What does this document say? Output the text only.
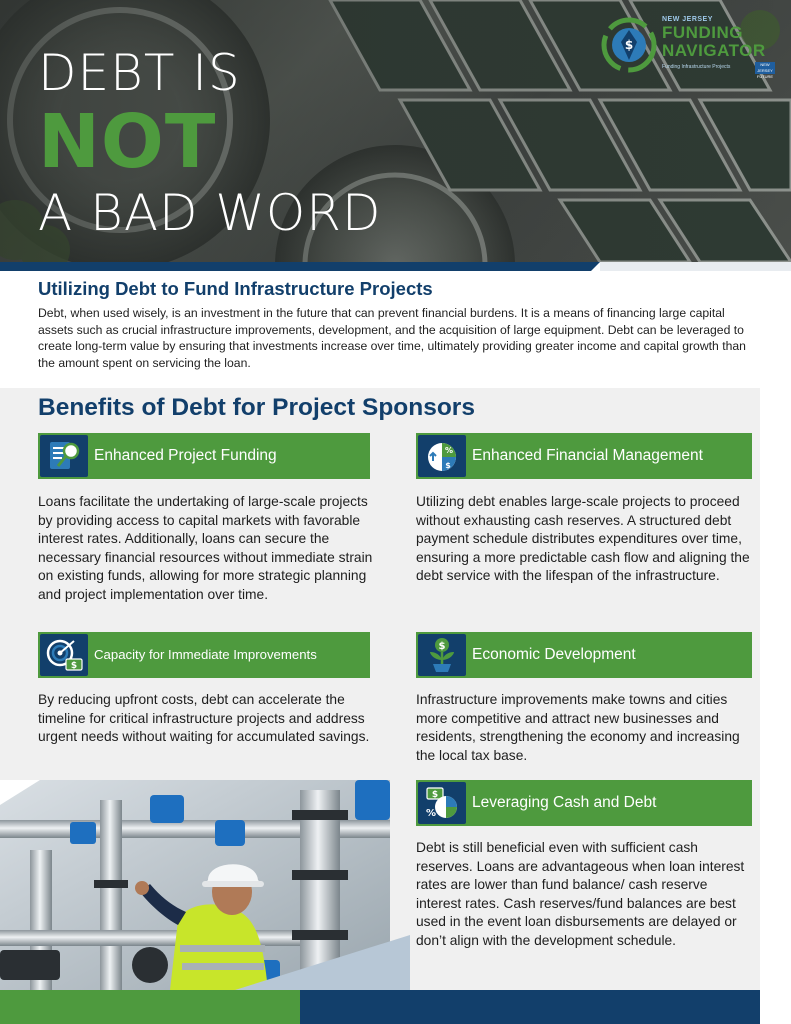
DEBT IS
NOT
A BAD WORD
$
NEW JERSEY
FUNDING
NAVIGATOR
Funding Infrastructure Projects	NEW JERSEY FUTURE
Utilizing Debt to Fund Infrastructure Projects

Debt, when used wisely, is an investment in the future that can prevent financial burdens. It is a means of financing large capital assets such as crucial infrastructure improvements, development, and the acquisition of large equipment. Debt can be leveraged to create long-term value by ensuring that investments increase over time, ultimately providing greater income and capital growth than the amount spent on servicing the loan.

Benefits of Debt for Project Sponsors
Enhanced Project Funding

Loans facilitate the undertaking of large-scale projects by providing access to capital markets with favorable interest rates. Additionally, loans can secure the necessary financial resources without immediate strain on existing funds, allowing for more strategic planning and project implementation over time.

%
$
Enhanced Financial Management

Utilizing debt enables large-scale projects to proceed without exhausting cash reserves. A structured debt payment schedule distributes expenditures over time, ensuring a more predictable cash flow and aligning the debt service with the lifespan of the infrastructure.

$
Capacity for Immediate Improvements

By reducing upfront costs, debt can accelerate the timeline for critical infrastructure projects and address urgent needs without waiting for accumulated savings.

$ Economic Development

Infrastructure improvements make towns and cities more competitive and attract new businesses and residents, strengthening the economy and increasing the local tax base.

$
%
Leveraging Cash and Debt

Debt is still beneficial even with sufficient cash reserves. Loans are advantageous when loan interest rates are lower than fund balance/ cash reserve interest rates. Cash reserves/fund balances are best used in the event loan disbursements are delayed or don’t align with the development schedule.
